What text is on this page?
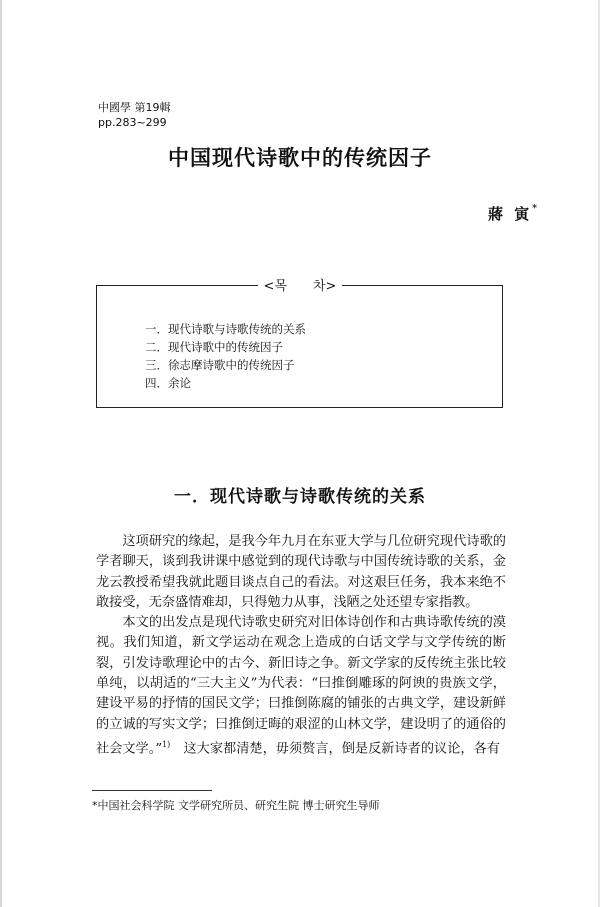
中國學 第19輯
pp.283~299
中国现代诗歌中的传统因子
蔣 寅*
<목　　차>
一．现代诗歌与诗歌传统的关系
二．现代诗歌中的传统因子
三．徐志摩诗歌中的传统因子
四．余论
一．现代诗歌与诗歌传统的关系

这项研究的缘起，是我今年九月在东亚大学与几位研究现代诗歌的学者聊天，谈到我讲课中感觉到的现代诗歌与中国传统诗歌的关系，金龙云教授希望我就此题目谈点自己的看法。对这艰巨任务，我本来绝不敢接受，无奈盛情难却，只得勉力从事，浅陋之处还望专家指教。

本文的出发点是现代诗歌史研究对旧体诗创作和古典诗歌传统的漠视。我们知道，新文学运动在观念上造成的白话文学与文学传统的断裂，引发诗歌理论中的古今、新旧诗之争。新文学家的反传统主张比较单纯，以胡适的“三大主义”为代表：“曰推倒雕琢的阿谀的贵族文学，建设平易的抒情的国民文学；曰推倒陈腐的铺张的古典文学，建设新鲜的立诚的写实文学；曰推倒迂晦的艰涩的山林文学，建设明了的通俗的社会文学。”$^{1)}$　这大家都清楚，毋须赘言，倒是反新诗者的议论，各有

*中国社会科学院 文学研究所员、研究生院 博士研究生导师
